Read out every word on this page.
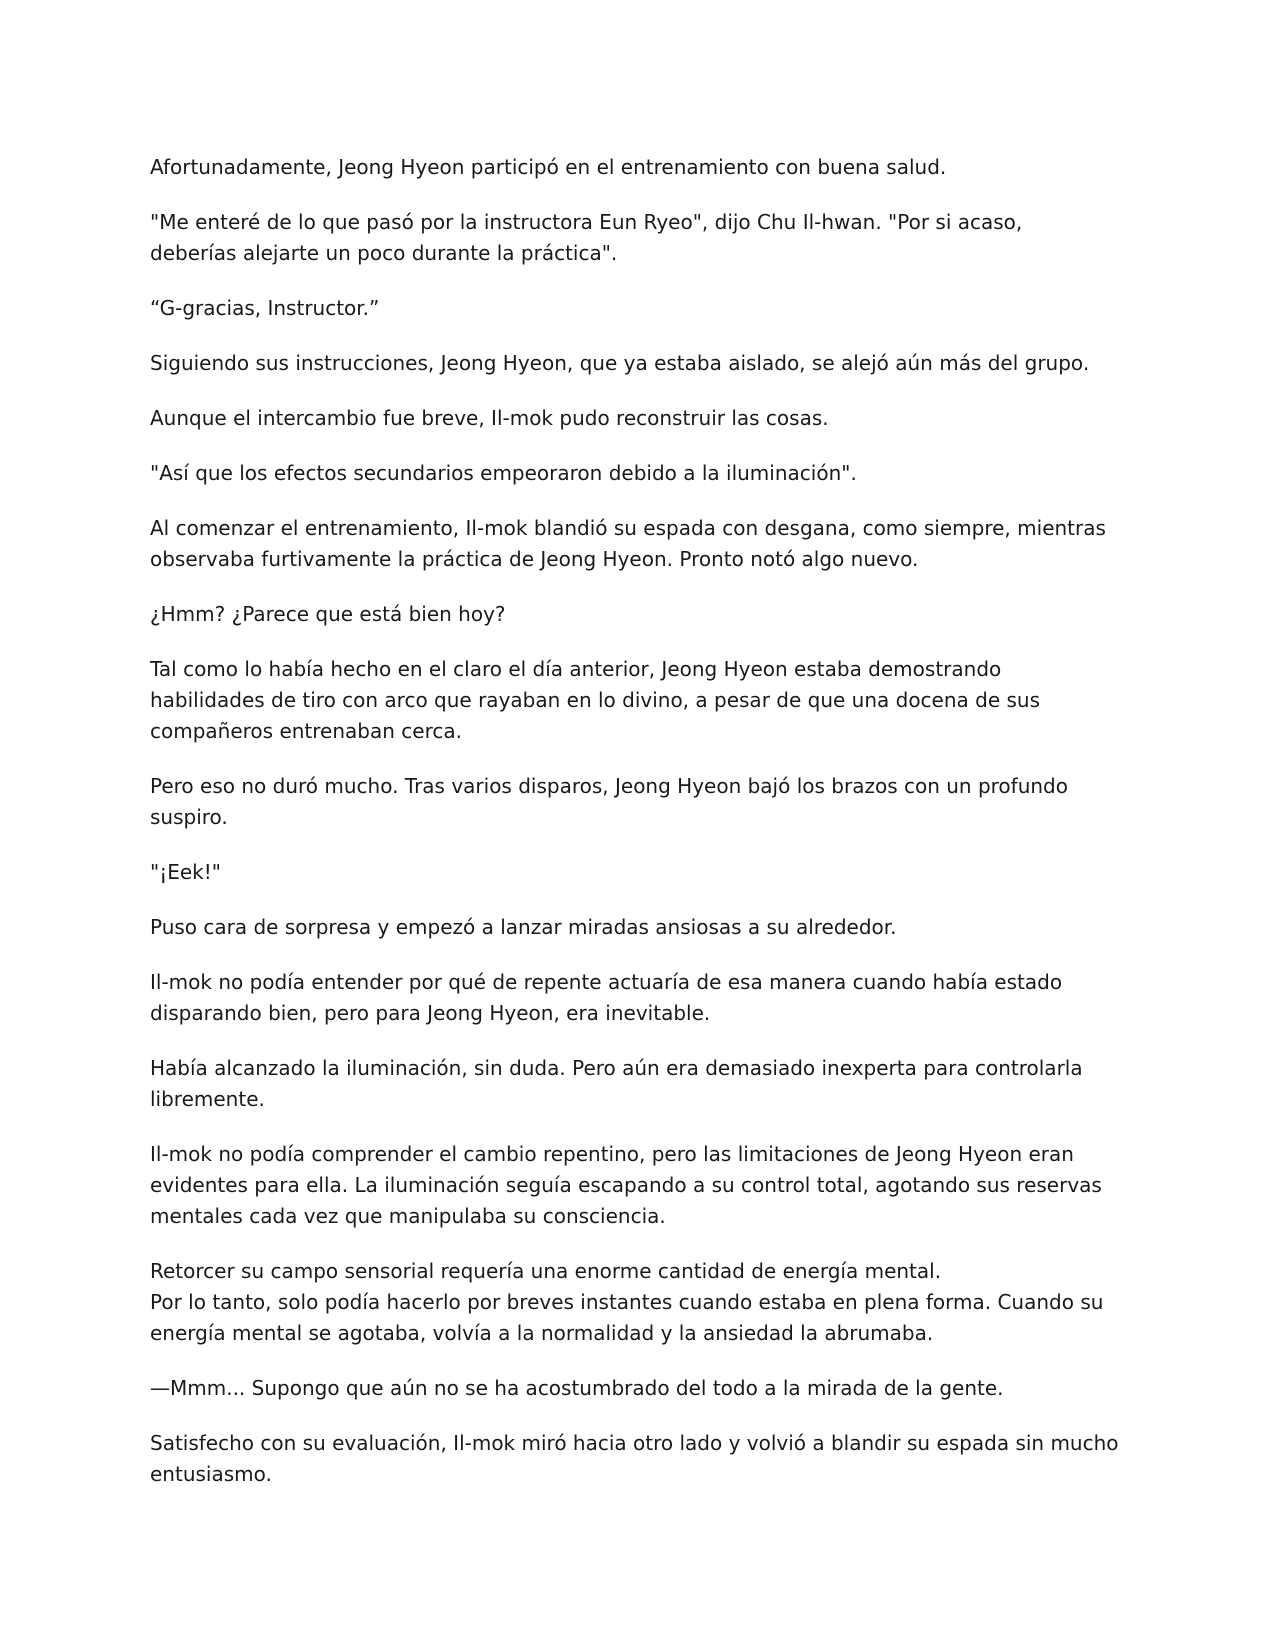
Afortunadamente, Jeong Hyeon participó en el entrenamiento con buena salud.

"Me enteré de lo que pasó por la instructora Eun Ryeo", dijo Chu Il-hwan. "Por si acaso,
deberías alejarte un poco durante la práctica".

“G-gracias, Instructor.”

Siguiendo sus instrucciones, Jeong Hyeon, que ya estaba aislado, se alejó aún más del grupo.

Aunque el intercambio fue breve, Il-mok pudo reconstruir las cosas.

"Así que los efectos secundarios empeoraron debido a la iluminación".

Al comenzar el entrenamiento, Il-mok blandió su espada con desgana, como siempre, mientras
observaba furtivamente la práctica de Jeong Hyeon. Pronto notó algo nuevo.

¿Hmm? ¿Parece que está bien hoy?

Tal como lo había hecho en el claro el día anterior, Jeong Hyeon estaba demostrando
habilidades de tiro con arco que rayaban en lo divino, a pesar de que una docena de sus
compañeros entrenaban cerca.

Pero eso no duró mucho. Tras varios disparos, Jeong Hyeon bajó los brazos con un profundo
suspiro.

"¡Eek!"

Puso cara de sorpresa y empezó a lanzar miradas ansiosas a su alrededor.

Il-mok no podía entender por qué de repente actuaría de esa manera cuando había estado
disparando bien, pero para Jeong Hyeon, era inevitable.

Había alcanzado la iluminación, sin duda. Pero aún era demasiado inexperta para controlarla
libremente.

Il-mok no podía comprender el cambio repentino, pero las limitaciones de Jeong Hyeon eran
evidentes para ella. La iluminación seguía escapando a su control total, agotando sus reservas
mentales cada vez que manipulaba su consciencia.

Retorcer su campo sensorial requería una enorme cantidad de energía mental.
Por lo tanto, solo podía hacerlo por breves instantes cuando estaba en plena forma. Cuando su
energía mental se agotaba, volvía a la normalidad y la ansiedad la abrumaba.

—Mmm... Supongo que aún no se ha acostumbrado del todo a la mirada de la gente.

Satisfecho con su evaluación, Il-mok miró hacia otro lado y volvió a blandir su espada sin mucho
entusiasmo.
